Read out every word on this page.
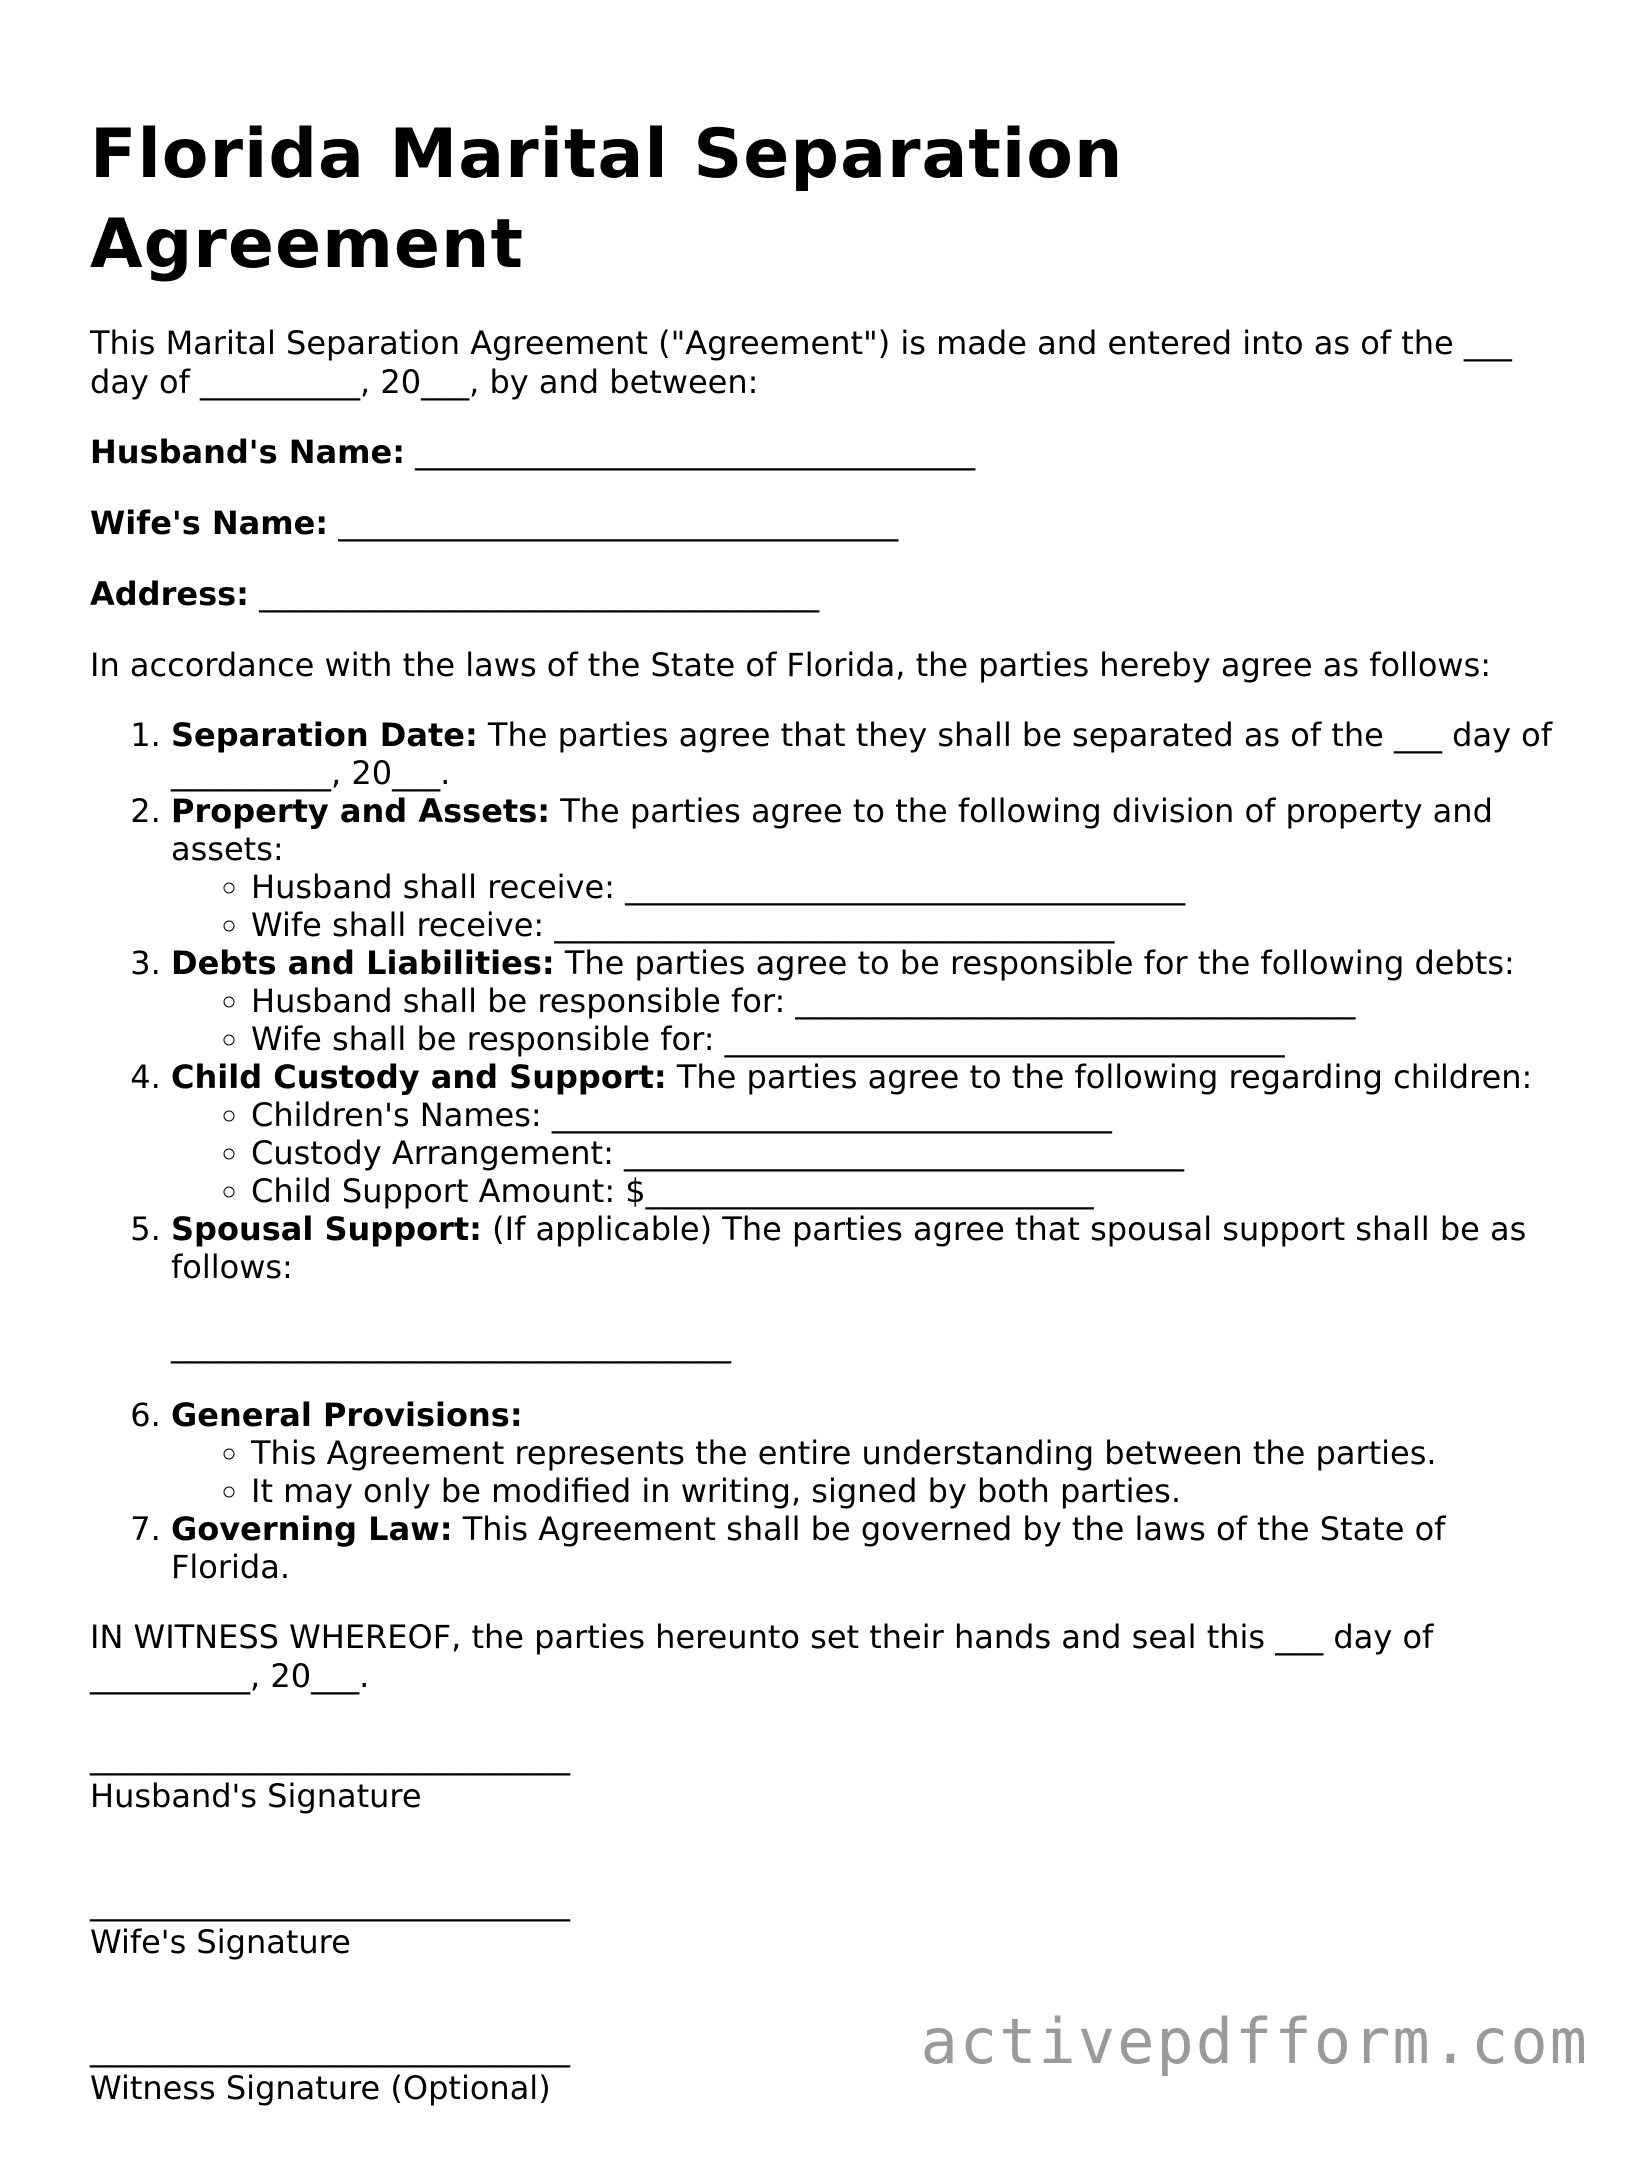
Florida Marital Separation Agreement

This Marital Separation Agreement ("Agreement") is made and entered into as of the ___ day of __________, 20___, by and between:

Husband's Name: ___________________________________
Wife's Name: ___________________________________
Address: ___________________________________

In accordance with the laws of the State of Florida, the parties hereby agree as follows:

1. Separation Date: The parties agree that they shall be separated as of the ___ day of __________, 20___.
2. Property and Assets: The parties agree to the following division of property and assets:
◦ Husband shall receive: ___________________________________
◦ Wife shall receive: ___________________________________
3. Debts and Liabilities: The parties agree to be responsible for the following debts:
◦ Husband shall be responsible for: ___________________________________
◦ Wife shall be responsible for: ___________________________________
4. Child Custody and Support: The parties agree to the following regarding children:
◦ Children's Names: ___________________________________
◦ Custody Arrangement: ___________________________________
◦ Child Support Amount: $____________________________
5. Spousal Support: (If applicable) The parties agree that spousal support shall be as follows:
___________________________________
6. General Provisions:
◦ This Agreement represents the entire understanding between the parties.
◦ It may only be modified in writing, signed by both parties.
7. Governing Law: This Agreement shall be governed by the laws of the State of Florida.

IN WITNESS WHEREOF, the parties hereunto set their hands and seal this ___ day of __________, 20___.

______________________________
Husband's Signature
______________________________
Wife's Signature
______________________________
Witness Signature (Optional)
activepdfform.com
